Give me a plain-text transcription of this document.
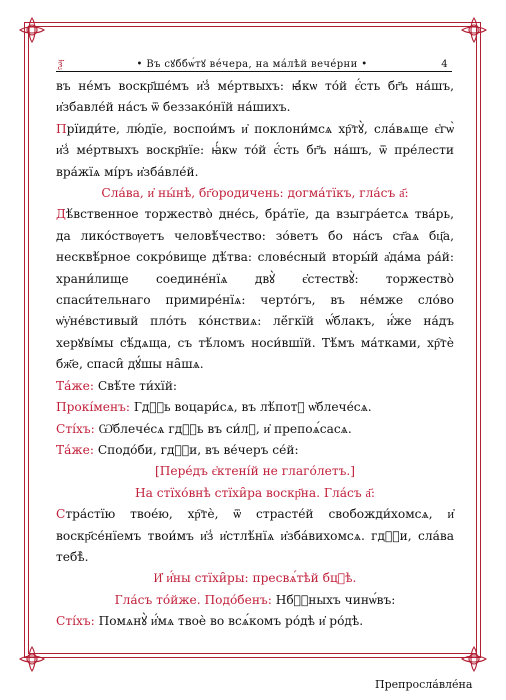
ѯ҃	• Въ сꙋббѡ́тꙋ ве́чера, на ма́лѣй вече́рни •	4

въ не́мъ воскр҃ше́мъ и҆з̾ ме́ртвыхъ: ꙗ҆́кѡ то́й є҆́сть бг҃ъ на́шъ, и҆збавле́й на́съ ѿ беззако́нїй на́шихъ.

Прїиди́те, лю́дїе, воспои́мъ и҆ поклони́мсѧ хр҇тꙋ̀, сла́вѧще є҆гѡ̀ и҆з̾ ме́ртвыхъ воскр҃нїе: ꙗ҆́кѡ то́й є҆́сть бг҃ъ на́шъ, ѿ пре́лести вра́жїѧ мі́ръ и҆зба́вле́й.

Сла́ва, и҆ ны́нѣ, бг҃ородичень: догма́тїкъ, гла́съ а҃:

Дѣ́вственное торжество̀ дне́сь, бра́тїе, да взыгра́етсѧ тва́рь, да лико́ствѹетъ человѣ́чество: зо́ветъ бо на́съ ст҃аѧ бц҃а, несквѣ́рное сокро́вище дѣ́тва: слове́сный вторы́й а҆да́ма ра́й: храни́лище соедине́нїѧ двꙋ̀ є҆стествꙋ̀: торжество̀ спаси́тельнаго примире́нїѧ: черто́гъ, въ не́мже сло́во ѡ҆у҆не́встивый пло́ть ко́нствиѧ: лё́гкїй ѡ҆́блакъ, и҆́же на́дъ херꙋві́мы сѣ́дѧща, съ тѣ́ломъ носи́вшїй. Тѣ́мъ ма́тками, хр҇тѐ бж҃е, спаси̑ дꙋ́шы на̑шѧ.

Та́же: Свѣ́те ти́хїй:

Прокі́менъ: Гдⷭ҇ь воцари́сѧ, въ лѣ́потꙋ ѡ҆блече́сѧ.

Сті́хъ: Ѡ҆блече́сѧ гдⷭ҇ь въ си́лꙋ, и҆ препоѧ́сасѧ.

Та́же: Сподо́би, гдⷭ҇и, въ ве́черъ се́й:

[Пере́дъ є҆ктені́й не глаго́летъ.]

На стїхо́внѣ стїхи̑ра воскр҃на. Гла́съ а҃:

Стра́стїю твое́ю, хр҇тѐ, ѿ страсте́й свобожди́хомсѧ, и҆ воскр҃се́нїемъ твои́мъ и҆з̾ и҆стлѣ́нїѧ и҆зба́вихомсѧ. гдⷭ҇и, сла́ва тебѣ̀.

И҆ и҆́ны стїхи̑ры: пресвѧ́тѣй бцⷣѣ.

Гла́съ то́йже. Подо́бенъ: Нбⷭ҇ныхъ чинѡ́въ:

Сті́хъ: Помѧнꙋ̀ и҆́мѧ твоѐ во всѧ́комъ ро́дѣ и҆ ро́дѣ.

Препросла́вле́на
